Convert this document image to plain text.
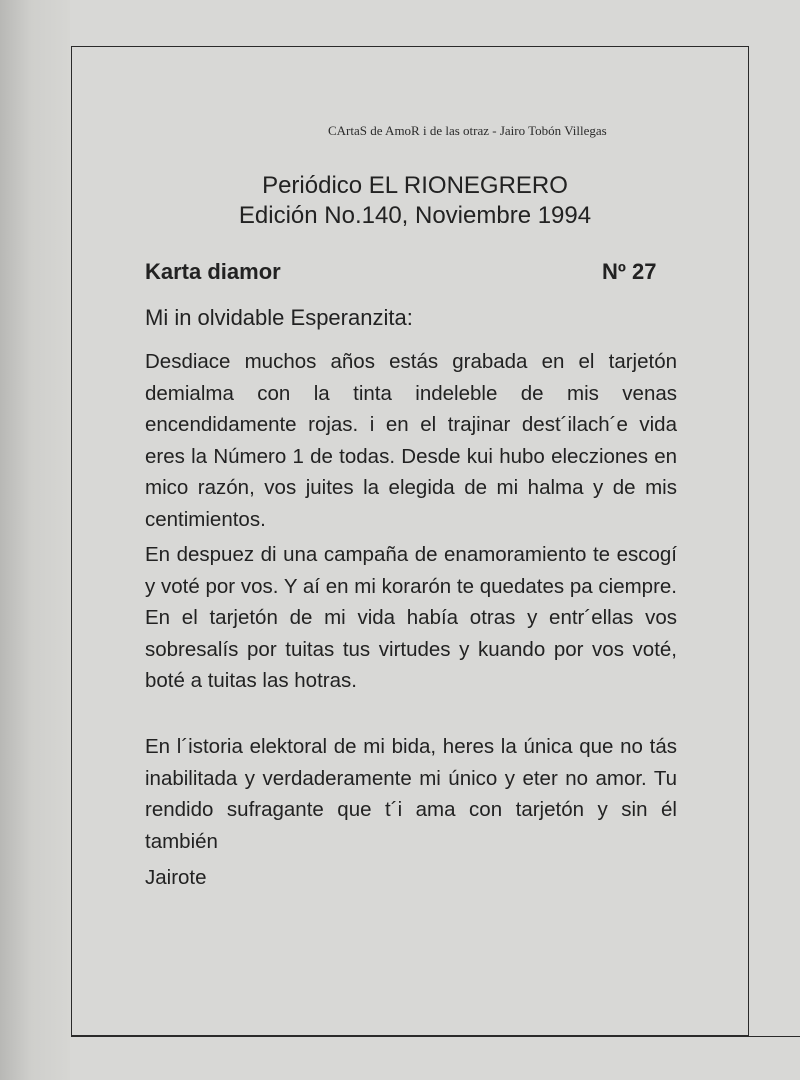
CArtaS de AmoR i de las otraz - Jairo Tobón Villegas
Periódico EL RIONEGRERO
Edición No.140, Noviembre 1994
Karta diamor	Nº 27
Mi in olvidable Esperanzita:

Desdiace muchos años estás grabada en el tarjetón demialma con la tinta indeleble de mis venas encendidamente rojas. i en el trajinar dest´ilach´e vida eres la Número 1 de todas. Desde kui hubo elecziones en mico razón, vos juites la elegida de mi halma y de mis centimientos.

En despuez di una campaña de enamoramiento te escogí y voté por vos. Y aí en mi korarón te quedates pa ciempre. En el tarjetón de mi vida había otras y entr´ellas vos sobresalís por tuitas tus virtudes y kuando por vos voté, boté a tuitas las hotras.

En l´istoria elektoral de mi bida, heres la única que no tás inabilitada y verdaderamente mi único y eter no amor. Tu rendido sufragante que t´i ama con tarjetón y sin él también

Jairote
